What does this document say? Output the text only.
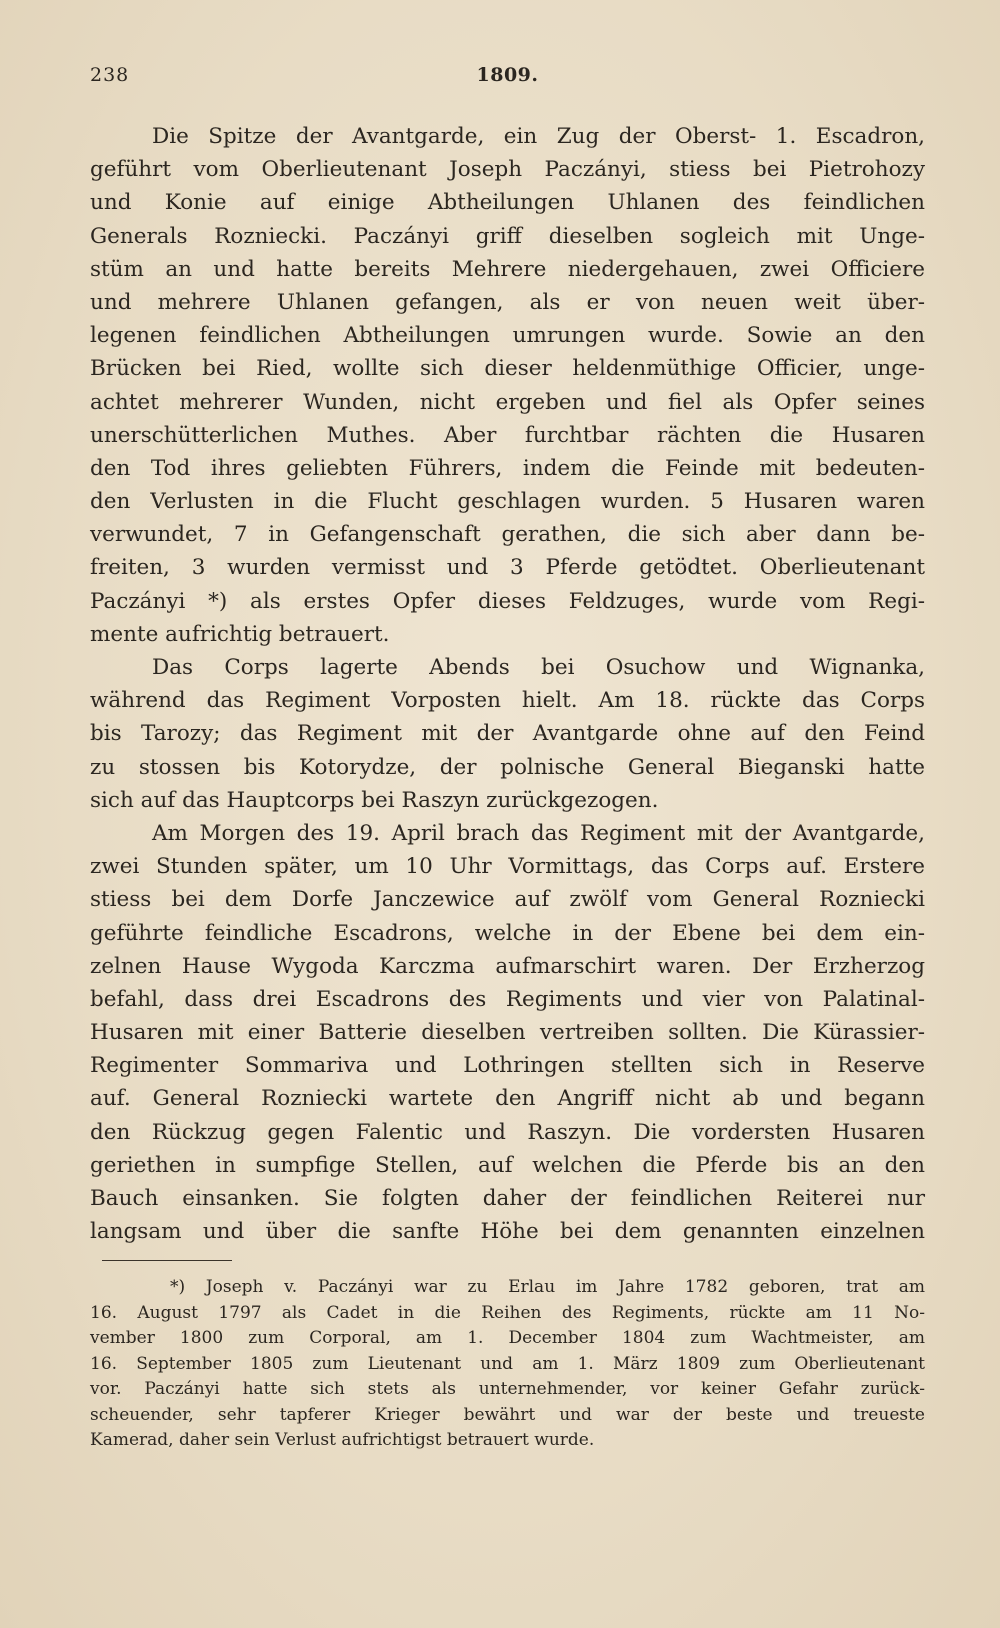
238	1809.
Die Spitze der Avantgarde, ein Zug der Oberst- 1. Escadron,
geführt vom Oberlieutenant Joseph Paczányi, stiess bei Pietrohozy
und Konie auf einige Abtheilungen Uhlanen des feindlichen
Generals Rozniecki. Paczányi griff dieselben sogleich mit Unge-
stüm an und hatte bereits Mehrere niedergehauen, zwei Officiere
und mehrere Uhlanen gefangen, als er von neuen weit über-
legenen feindlichen Abtheilungen umrungen wurde. Sowie an den
Brücken bei Ried, wollte sich dieser heldenmüthige Officier, unge-
achtet mehrerer Wunden, nicht ergeben und fiel als Opfer seines
unerschütterlichen Muthes. Aber furchtbar rächten die Husaren
den Tod ihres geliebten Führers, indem die Feinde mit bedeuten-
den Verlusten in die Flucht geschlagen wurden. 5 Husaren waren
verwundet, 7 in Gefangenschaft gerathen, die sich aber dann be-
freiten, 3 wurden vermisst und 3 Pferde getödtet. Oberlieutenant
Paczányi *) als erstes Opfer dieses Feldzuges, wurde vom Regi-
mente aufrichtig betrauert.
Das Corps lagerte Abends bei Osuchow und Wignanka,
während das Regiment Vorposten hielt. Am 18. rückte das Corps
bis Tarozy; das Regiment mit der Avantgarde ohne auf den Feind
zu stossen bis Kotorydze, der polnische General Bieganski hatte
sich auf das Hauptcorps bei Raszyn zurückgezogen.
Am Morgen des 19. April brach das Regiment mit der Avantgarde,
zwei Stunden später, um 10 Uhr Vormittags, das Corps auf. Erstere
stiess bei dem Dorfe Janczewice auf zwölf vom General Rozniecki
geführte feindliche Escadrons, welche in der Ebene bei dem ein-
zelnen Hause Wygoda Karczma aufmarschirt waren. Der Erzherzog
befahl, dass drei Escadrons des Regiments und vier von Palatinal-
Husaren mit einer Batterie dieselben vertreiben sollten. Die Kürassier-
Regimenter Sommariva und Lothringen stellten sich in Reserve
auf. General Rozniecki wartete den Angriff nicht ab und begann
den Rückzug gegen Falentic und Raszyn. Die vordersten Husaren
geriethen in sumpfige Stellen, auf welchen die Pferde bis an den
Bauch einsanken. Sie folgten daher der feindlichen Reiterei nur
langsam und über die sanfte Höhe bei dem genannten einzelnen
*) Joseph v. Paczányi war zu Erlau im Jahre 1782 geboren, trat am
16. August 1797 als Cadet in die Reihen des Regiments, rückte am 11 No-
vember 1800 zum Corporal, am 1. December 1804 zum Wachtmeister, am
16. September 1805 zum Lieutenant und am 1. März 1809 zum Oberlieutenant
vor. Paczányi hatte sich stets als unternehmender, vor keiner Gefahr zurück-
scheuender, sehr tapferer Krieger bewährt und war der beste und treueste
Kamerad, daher sein Verlust aufrichtigst betrauert wurde.
